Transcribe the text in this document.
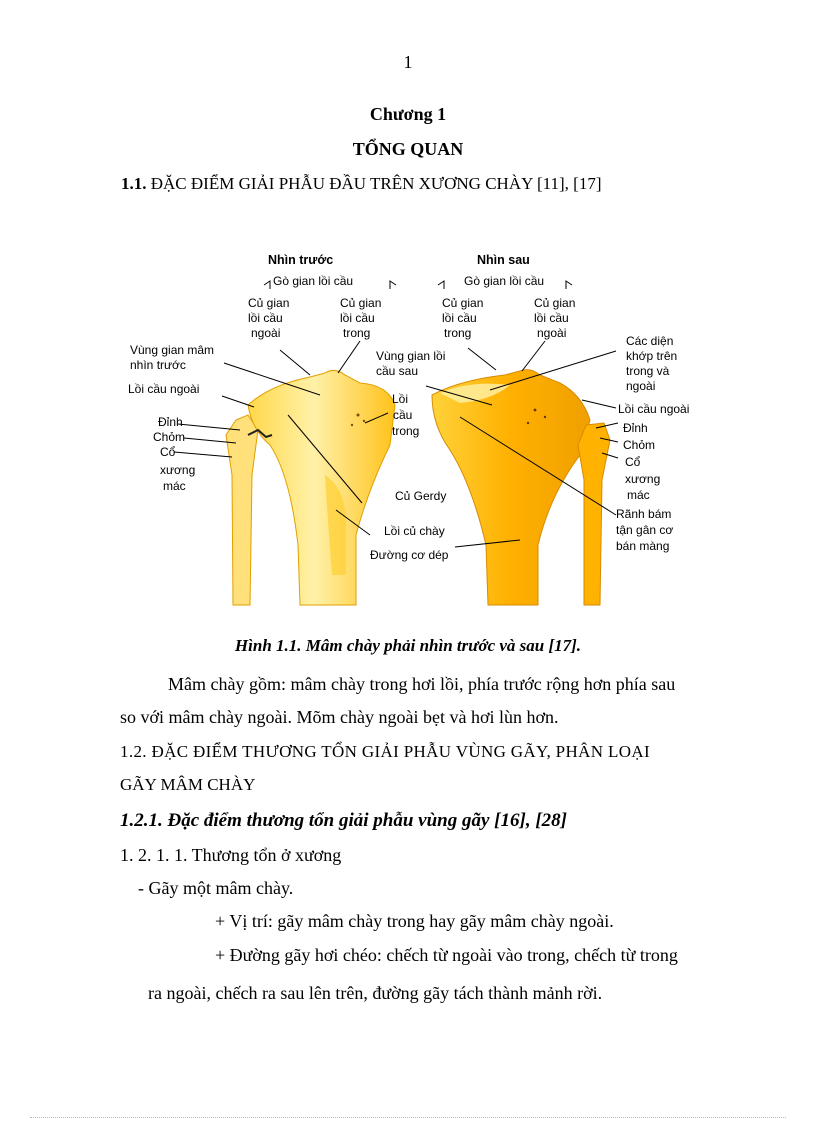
1
Chương 1
TỔNG QUAN
1.1. ĐẶC ĐIỂM GIẢI PHẪU ĐẦU TRÊN XƯƠNG CHÀY [11], [17]
Nhìn trước
Gò gian lồi cầu
Củ gian
lồi cầu
ngoài
Củ gian
lồi cầu
trong
Vùng gian mâm
nhìn trước
Lồi cầu ngoài
Đỉnh
Chỏm
Cổ
xương
mác
Lồi
cầu
trong
Củ Gerdy
Lồi củ chày
Đường cơ dép
Nhìn sau
Gò gian lồi cầu
Củ gian
lồi cầu
trong
Củ gian
lồi cầu
ngoài
Vùng gian lồi
cầu sau
Các diện
khớp trên
trong và
ngoài
Lồi cầu ngoài
Đỉnh
Chỏm
Cổ
xương
mác
Rãnh bám
tận gân cơ
bán màng
Hình 1.1. Mâm chày phải nhìn trước và sau [17].
Mâm chày gồm: mâm chày trong hơi lồi, phía trước rộng hơn phía sau
so với mâm chày ngoài. Mõm chày ngoài bẹt và hơi lùn hơn.
1.2. ĐẶC ĐIỂM THƯƠNG TỔN GIẢI PHẪU VÙNG GÃY, PHÂN LOẠI
GÃY MÂM CHÀY
1.2.1. Đặc điểm thương tổn giải phẫu vùng gãy [16], [28]
1. 2. 1. 1. Thương tổn ở xương
- Gãy một mâm chày.
+ Vị trí: gãy mâm chày trong hay gãy mâm chày ngoài.
+ Đường gãy hơi chéo: chếch từ ngoài vào trong, chếch từ trong
ra ngoài, chếch ra sau lên trên, đường gãy tách thành mảnh rời.
